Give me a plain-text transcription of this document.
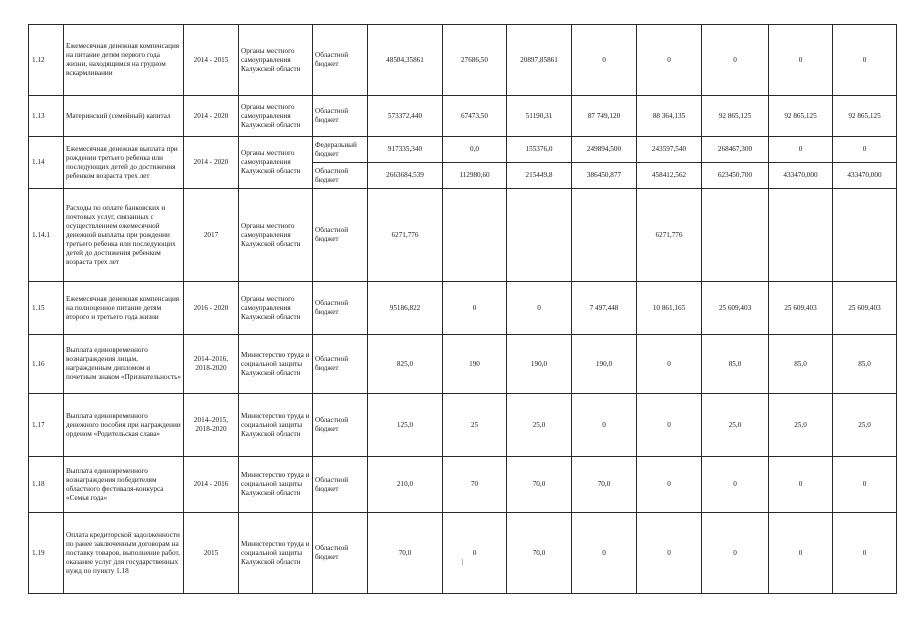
1.12	Ежемесячная денежная компенсация на питание детям первого года жизни, находящимся на грудном вскармливании	2014 - 2015	Органы местного самоуправления Калужской области	Областной бюджет	48584,35861	27686,50	20897,85861	0	0	0	0	0
1.13	Материнский (семейный) капитал	2014 - 2020	Органы местного самоуправления Калужской области	Областной бюджет	573372,440	67473,50	51190,31	87 749,120	88 364,135	92 865,125	92 865,125	92 865,125
1.14	Ежемесячная денежная выплата при рождении третьего ребенка или последующих детей до достижения ребенком возраста трех лет	2014 - 2020	Органы местного самоуправления Калужской области	Федеральный бюджет	917335,340	0,0	155376,0	249894,500	243597,540	268467,300	0	0
				Областной бюджет	2663684,539	112980,60	215449,8	386450,877	458412,562	623450,700	433470,000	433470,000
1.14.1	Расходы по оплате банковских и почтовых услуг, связанных с осуществлением ежемесячной денежной выплаты при рождении третьего ребенка или последующих детей до достижения ребенком возраста трех лет	2017	Органы местного самоуправления Калужской области	Областной бюджет	6271,776				6271,776			
1.15	Ежемесячная денежная компенсация на полноценное питание детям второго и третьего года жизни	2016 - 2020	Органы местного самоуправления Калужской области	Областной бюджет	95186,822	0	0	7 497,448	10 861,165	25 609,403	25 609,403	25 609,403
1.16	Выплата единовременного вознаграждения лицам, награжденным дипломом и почетным знаком «Признательность»	2014–2016, 2018-2020	Министерство труда и социальной защиты Калужской области	Областной бюджет	825,0	190	190,0	190,0	0	85,0	85,0	85,0
1.17	Выплата единовременного денежного пособия при награждении орденом «Родительская слава»	2014–2015, 2018-2020	Министерство труда и социальной защиты Калужской области	Областной бюджет	125,0	25	25,0	0	0	25,0	25,0	25,0
1.18	Выплата единовременного вознаграждения победителям областного фестиваля-конкурса «Семья года»	2014 - 2016	Министерство труда и социальной защиты Калужской области	Областной бюджет	210,0	70	70,0	70,0	0	0	0	0
1.19	Оплата кредиторской задолженности по ранее заключенным договорам на поставку товаров, выполнение работ, оказание услуг для государственных нужд по пункту 1.18	2015	Министерство труда и социальной защиты Калужской области	Областной бюджет	70,0	0	70,0	0	0	0	0	0
|
